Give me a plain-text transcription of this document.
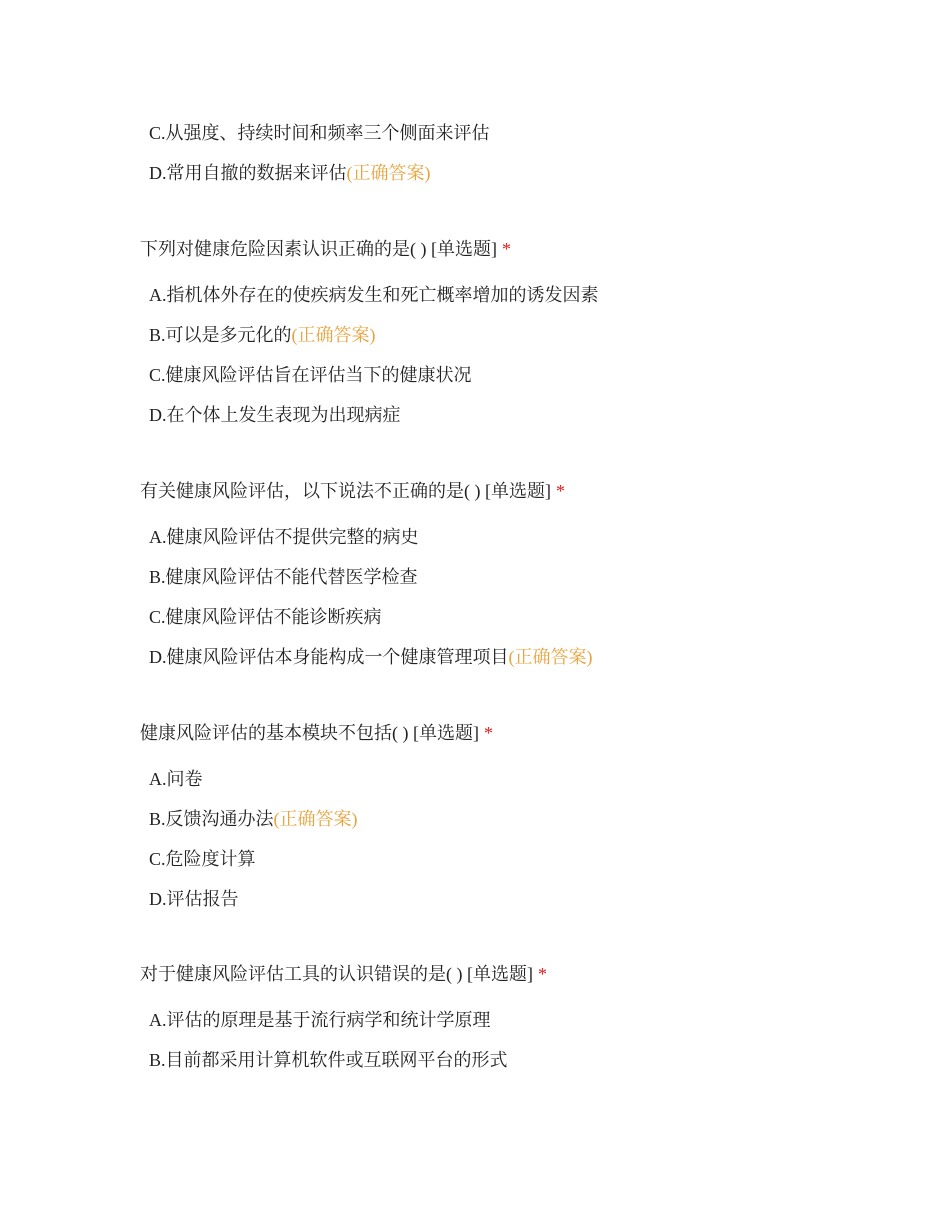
C.从强度、持续时间和频率三个侧面来评估
D.常用自撤的数据来评估(正确答案)
下列对健康危险因素认识正确的是( ) [单选题] *
A.指机体外存在的使疾病发生和死亡概率增加的诱发因素
B.可以是多元化的(正确答案)
C.健康风险评估旨在评估当下的健康状况
D.在个体上发生表现为出现病症
有关健康风险评估，以下说法不正确的是( ) [单选题] *
A.健康风险评估不提供完整的病史
B.健康风险评估不能代替医学检查
C.健康风险评估不能诊断疾病
D.健康风险评估本身能构成一个健康管理项目(正确答案)
健康风险评估的基本模块不包括( ) [单选题] *
A.问卷
B.反馈沟通办法(正确答案)
C.危险度计算
D.评估报告
对于健康风险评估工具的认识错误的是( ) [单选题] *
A.评估的原理是基于流行病学和统计学原理
B.目前都采用计算机软件或互联网平台的形式
